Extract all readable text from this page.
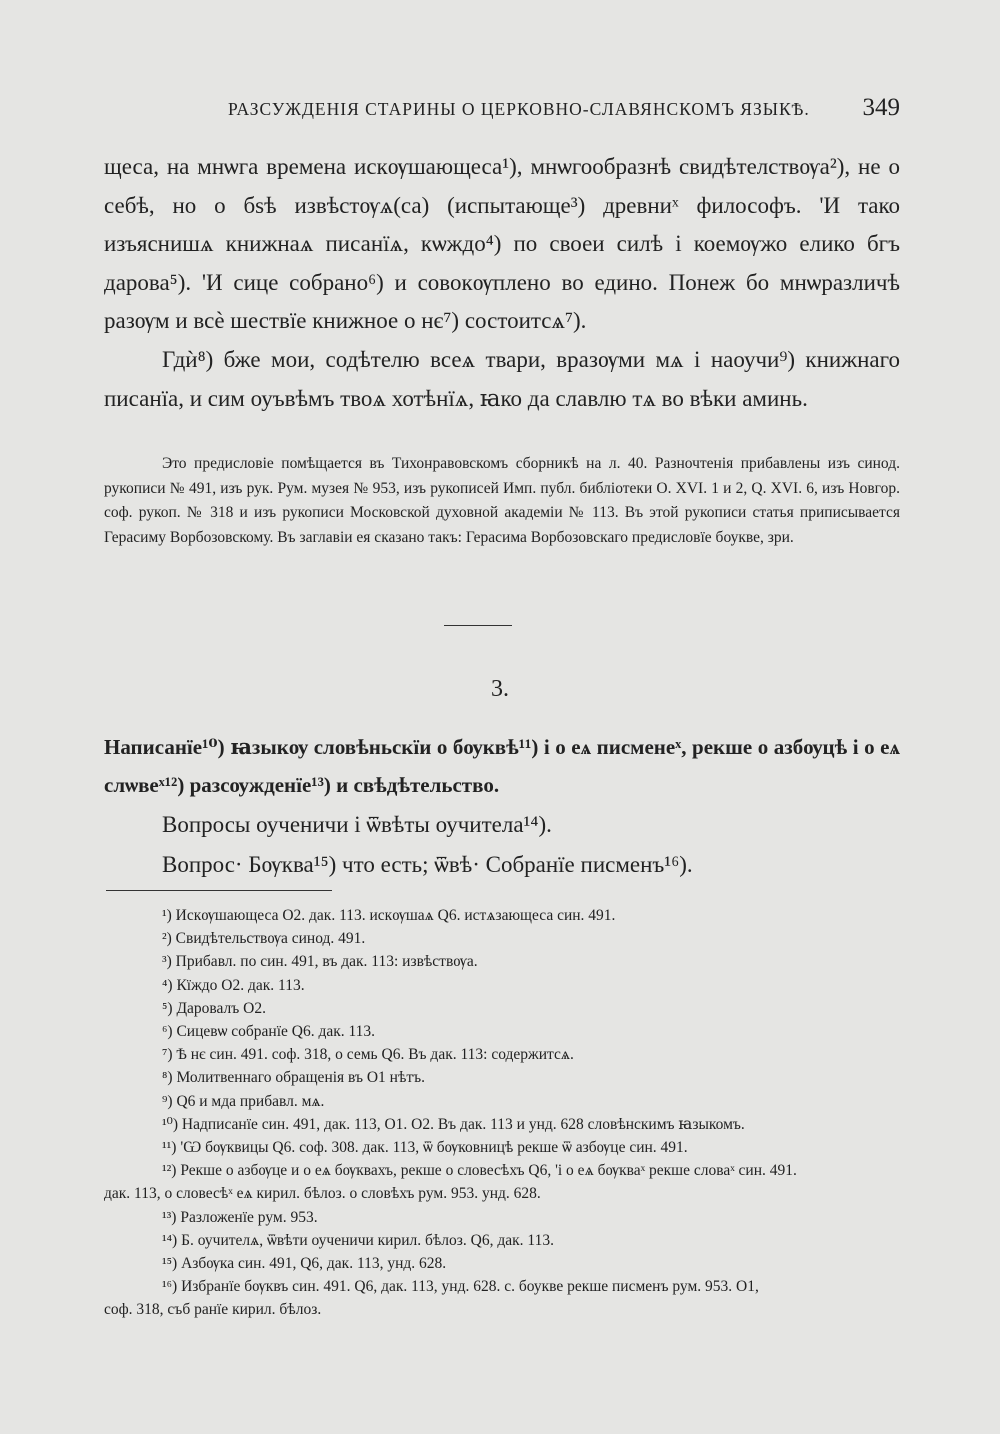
РАЗСУЖДЕНІЯ СТАРИНЫ О ЦЕРКОВНО-СЛАВЯНСКОМЪ ЯЗЫКѢ. 349

щеса, на мнѡга времена искѹшающеса¹), мнѡгообразнѣ свидѣтелствѹа²), не о себѣ, но о бѕѣ извѣстѹѧ(са) (испытающе³) древниˣ философъ. 'И тако изъяснишѧ книжнаѧ писанїѧ, кѡждо⁴) по своеи силѣ і коемѹжо елико бгъ дарова⁵). 'И сице собрано⁶) и совокѹплено во едино. Понеж бо мнѡразличѣ разѹм и всѐ шествїе книжное о нє⁷) состоитсѧ⁷).

Гдѝ⁸) бже мои, содѣтелю всеѧ твари, вразѹми мѧ і наоучи⁹) книжнаго писанїа, и сим оуъвѣмъ твоѧ хотѣнїѧ, ꙗко да славлю тѧ во вѣки аминь.

Это предисловіе помѣщается въ Тихонравовскомъ сборникѣ на л. 40. Разночтенія прибавлены изъ синод. рукописи № 491, изъ рук. Рум. музея № 953, изъ рукописей Имп. публ. библіотеки О. XVI. 1 и 2, Q. XVI. 6, изъ Новгор. соф. рукоп. № 318 и изъ рукописи Московской духовной академіи № 113. Въ этой рукописи статья приписывается Герасиму Ворбозовскому. Въ заглавіи ея сказано такъ: Герасима Ворбозовскаго предисловїе боукве, зри.

3.
Написанїе¹⁰) ꙗзыкѹ словѣньскїи о бѹквѣ¹¹) і о еѧ писменеˣ, рекше о азбѹцѣ і о еѧ слѡвеˣ¹²) разсѹжденїе¹³) и свѣдѣтельство.
Вопросы оученичи і ѿвѣты оучитела¹⁴).
Вопрос· Бѹква¹⁵) что есть; ѿвѣ· Собранїе писменъ¹⁶).
¹) Искѹшающеса О2. дак. 113. искѹшаѧ Q6. истѧзающеса син. 491.
²) Свидѣтельствѹа синод. 491.
³) Прибавл. по син. 491, въ дак. 113: извѣствѹа.
⁴) Кїждо О2. дак. 113.
⁵) Даровалъ О2.
⁶) Сицевѡ собранїе Q6. дак. 113.
⁷) Ѣ нє син. 491. соф. 318, о семь Q6. Въ дак. 113: содержитсѧ.
⁸) Молитвеннаго обращенія въ О1 нѣтъ.
⁹) Q6 и мда прибавл. мѧ.
¹⁰) Надписанїе син. 491, дак. 113, О1. О2. Въ дак. 113 и унд. 628 словѣнскимъ ꙗзыкомъ.
¹¹) 'Ѡ бѹквицы Q6. соф. 308. дак. 113, ѿ бѹковницѣ рекше ѿ азбѹце син. 491.
¹²) Рекше о азбѹце и о еѧ бѹквахъ, рекше о словесѣхъ Q6, 'і о еѧ бѹкваˣ рекше словаˣ син. 491.
дак. 113, о словесѣˣ еѧ кирил. бѣлоз. о словѣхъ рум. 953. унд. 628.
¹³) Разложенїе рум. 953.
¹⁴) Б. оучителѧ, ѿвѣти оученичи кирил. бѣлоз. Q6, дак. 113.
¹⁵) Азбѹка син. 491, Q6, дак. 113, унд. 628.
¹⁶) Избранїе бѹквъ син. 491. Q6, дак. 113, унд. 628. с. боукве рекше писменъ рум. 953. О1,
соф. 318, съб ранїе кирил. бѣлоз.
